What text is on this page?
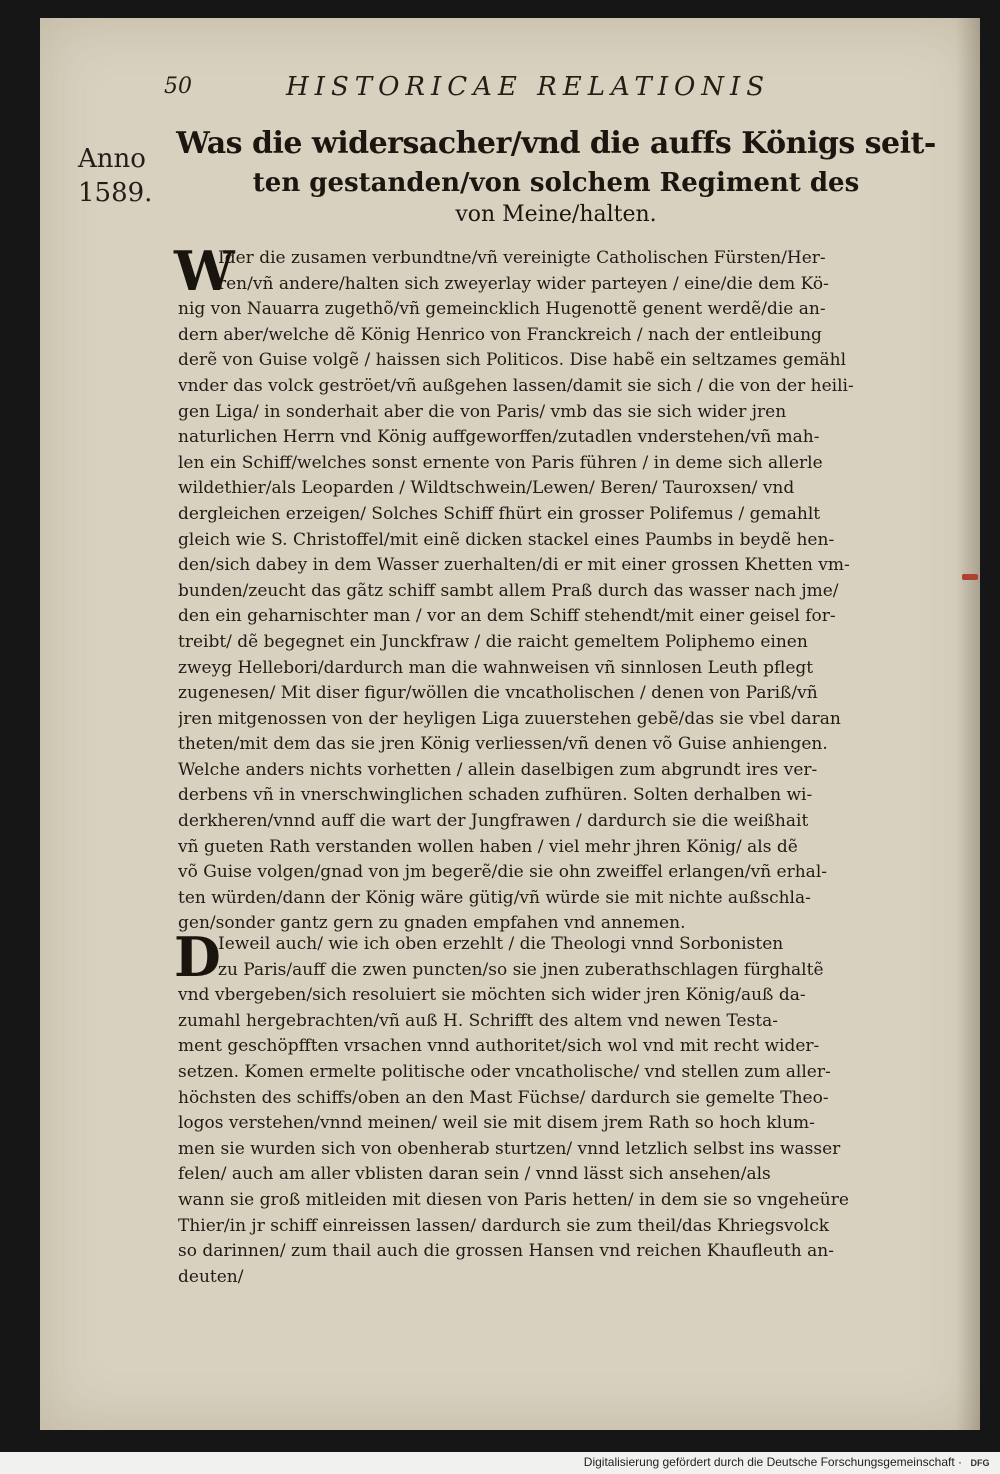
50	HISTORICAE RELATIONIS
Anno
1589.
Was die widersacher/vnd die auffs Königs seit-
ten gestanden/von solchem Regiment des
von Meine/halten.
W
Ider die zusamen verbundtne/vñ vereinigte Catholischen Fürsten/Her-
ren/vñ andere/halten sich zweyerlay wider parteyen / eine/die dem Kö-
nig von Nauarra zugethõ/vñ gemeincklich Hugenottẽ genent werdẽ/die an-
dern aber/welche dẽ König Henrico von Franckreich / nach der entleibung
derẽ von Guise volgẽ / haissen sich Politicos. Dise habẽ ein seltzames gemähl
vnder das volck geströet/vñ außgehen lassen/damit sie sich / die von der heili-
gen Liga/ in sonderhait aber die von Paris/ vmb das sie sich wider jren
naturlichen Herrn vnd König auffgeworffen/zutadlen vnderstehen/vñ mah-
len ein Schiff/welches sonst ernente von Paris führen / in deme sich allerle
wildethier/als Leoparden / Wildtschwein/Lewen/ Beren/ Tauroxsen/ vnd
dergleichen erzeigen/ Solches Schiff fhürt ein grosser Polifemus / gemahlt
gleich wie S. Christoffel/mit einẽ dicken stackel eines Paumbs in beydẽ hen-
den/sich dabey in dem Wasser zuerhalten/di er mit einer grossen Khetten vm-
bunden/zeucht das gãtz schiff sambt allem Praß durch das wasser nach jme/
den ein geharnischter man / vor an dem Schiff stehendt/mit einer geisel for-
treibt/ dẽ begegnet ein Junckfraw / die raicht gemeltem Poliphemo einen
zweyg Hellebori/dardurch man die wahnweisen vñ sinnlosen Leuth pflegt
zugenesen/ Mit diser figur/wöllen die vncatholischen / denen von Pariß/vñ
jren mitgenossen von der heyligen Liga zuuerstehen gebẽ/das sie vbel daran
theten/mit dem das sie jren König verliessen/vñ denen võ Guise anhiengen.
Welche anders nichts vorhetten / allein daselbigen zum abgrundt ires ver-
derbens vñ in vnerschwinglichen schaden zufhüren. Solten derhalben wi-
derkheren/vnnd auff die wart der Jungfrawen / dardurch sie die weißhait
vñ gueten Rath verstanden wollen haben / viel mehr jhren König/ als dẽ
võ Guise volgen/gnad von jm begerẽ/die sie ohn zweiffel erlangen/vñ erhal-
ten würden/dann der König wäre gütig/vñ würde sie mit nichte außschla-
gen/sonder gantz gern zu gnaden empfahen vnd annemen.
D
Ieweil auch/ wie ich oben erzehlt / die Theologi vnnd Sorbonisten
zu Paris/auff die zwen puncten/so sie jnen zuberathschlagen fürghaltẽ
vnd vbergeben/sich resoluiert sie möchten sich wider jren König/auß da-
zumahl hergebrachten/vñ auß H. Schrifft des altem vnd newen Testa-
ment geschöpfften vrsachen vnnd authoritet/sich wol vnd mit recht wider-
setzen. Komen ermelte politische oder vncatholische/ vnd stellen zum aller-
höchsten des schiffs/oben an den Mast Füchse/ dardurch sie gemelte Theo-
logos verstehen/vnnd meinen/ weil sie mit disem jrem Rath so hoch klum-
men sie wurden sich von obenherab sturtzen/ vnnd letzlich selbst ins wasser
felen/ auch am aller vblisten daran sein / vnnd lässt sich ansehen/als
wann sie groß mitleiden mit diesen von Paris hetten/ in dem sie so vngeheüre
Thier/in jr schiff einreissen lassen/ dardurch sie zum theil/das Khriegsvolck
so darinnen/ zum thail auch die grossen Hansen vnd reichen Khaufleuth an-
deuten/
Digitalisierung gefördert durch die Deutsche Forschungsgemeinschaft · DFG
